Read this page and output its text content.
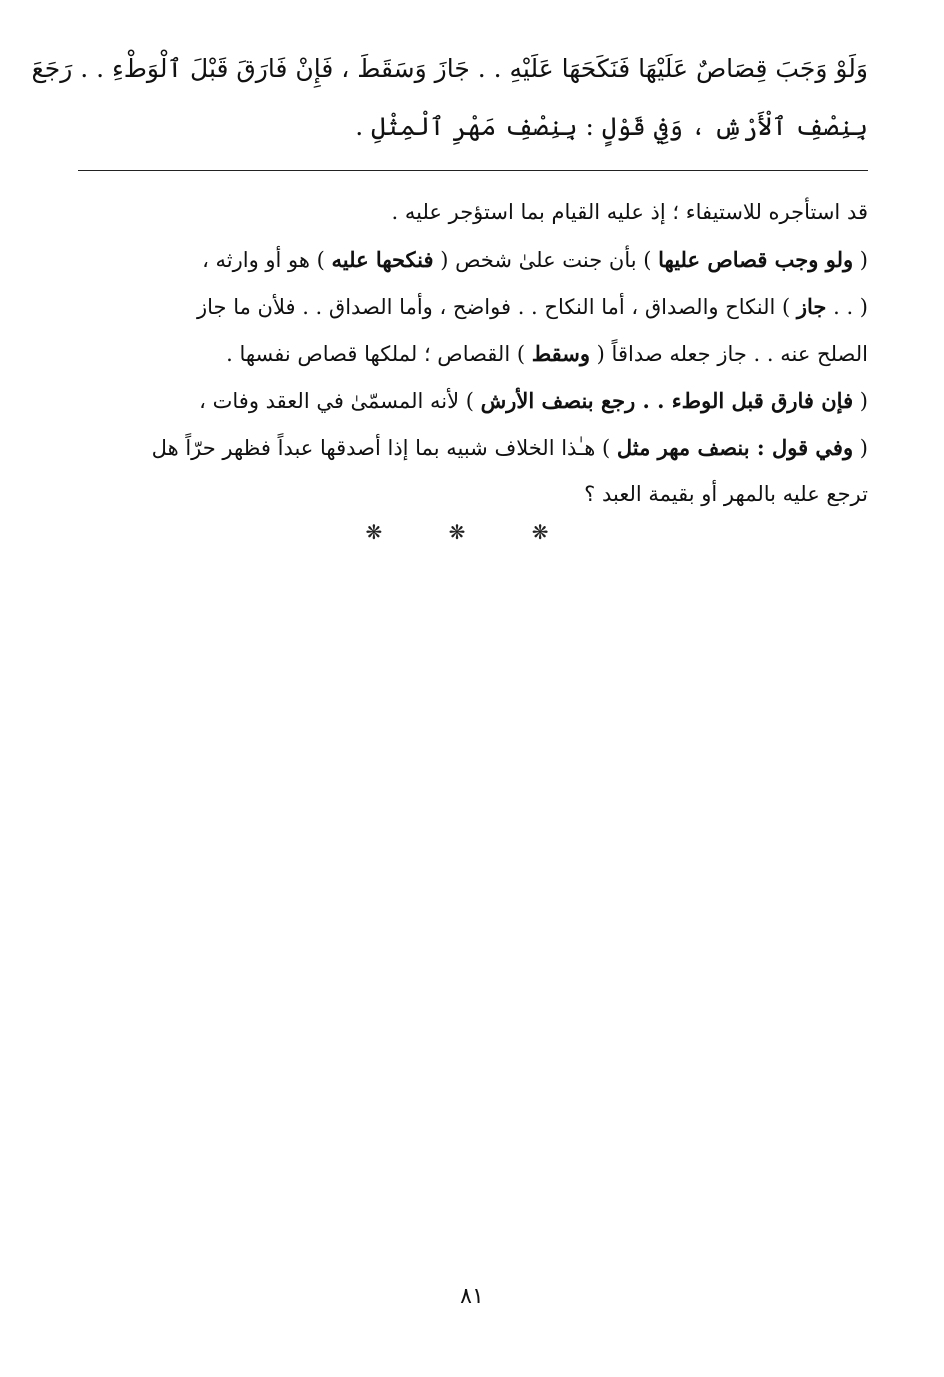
وَلَوْ وَجَبَ قِصَاصٌ عَلَيْهَا فَنَكَحَهَا عَلَيْهِ . . جَازَ وَسَقَطَ ، فَإِنْ فَارَقَ قَبْلَ ٱلْوَطْءِ . . رَجَعَ
بِنِصْفِ ٱلْأَرْشِ ، وَفِي قَوْلٍ : بِنِصْفِ مَهْرِ ٱلْمِثْلِ .
قد استأجره للاستيفاء ؛ إذ عليه القيام بما استؤجر عليه .
( ولو وجب قصاص عليها ) بأن جنت علىٰ شخص ( فنكحها عليه ) هو أو وارثه ،
( . . جاز ) النكاح والصداق ، أما النكاح . . فواضح ، وأما الصداق . . فلأن ما جاز
الصلح عنه . . جاز جعله صداقاً ( وسقط ) القصاص ؛ لملكها قصاص نفسها .
( فإن فارق قبل الوطء . . رجع بنصف الأرش ) لأنه المسمّىٰ في العقد وفات ،
( وفي قول : بنصف مهر مثل ) هـٰذا الخلاف شبيه بما إذا أصدقها عبداً فظهر حرّاً هل
ترجع عليه بالمهر أو بقيمة العبد ؟
❋ ❋ ❋
٨١
